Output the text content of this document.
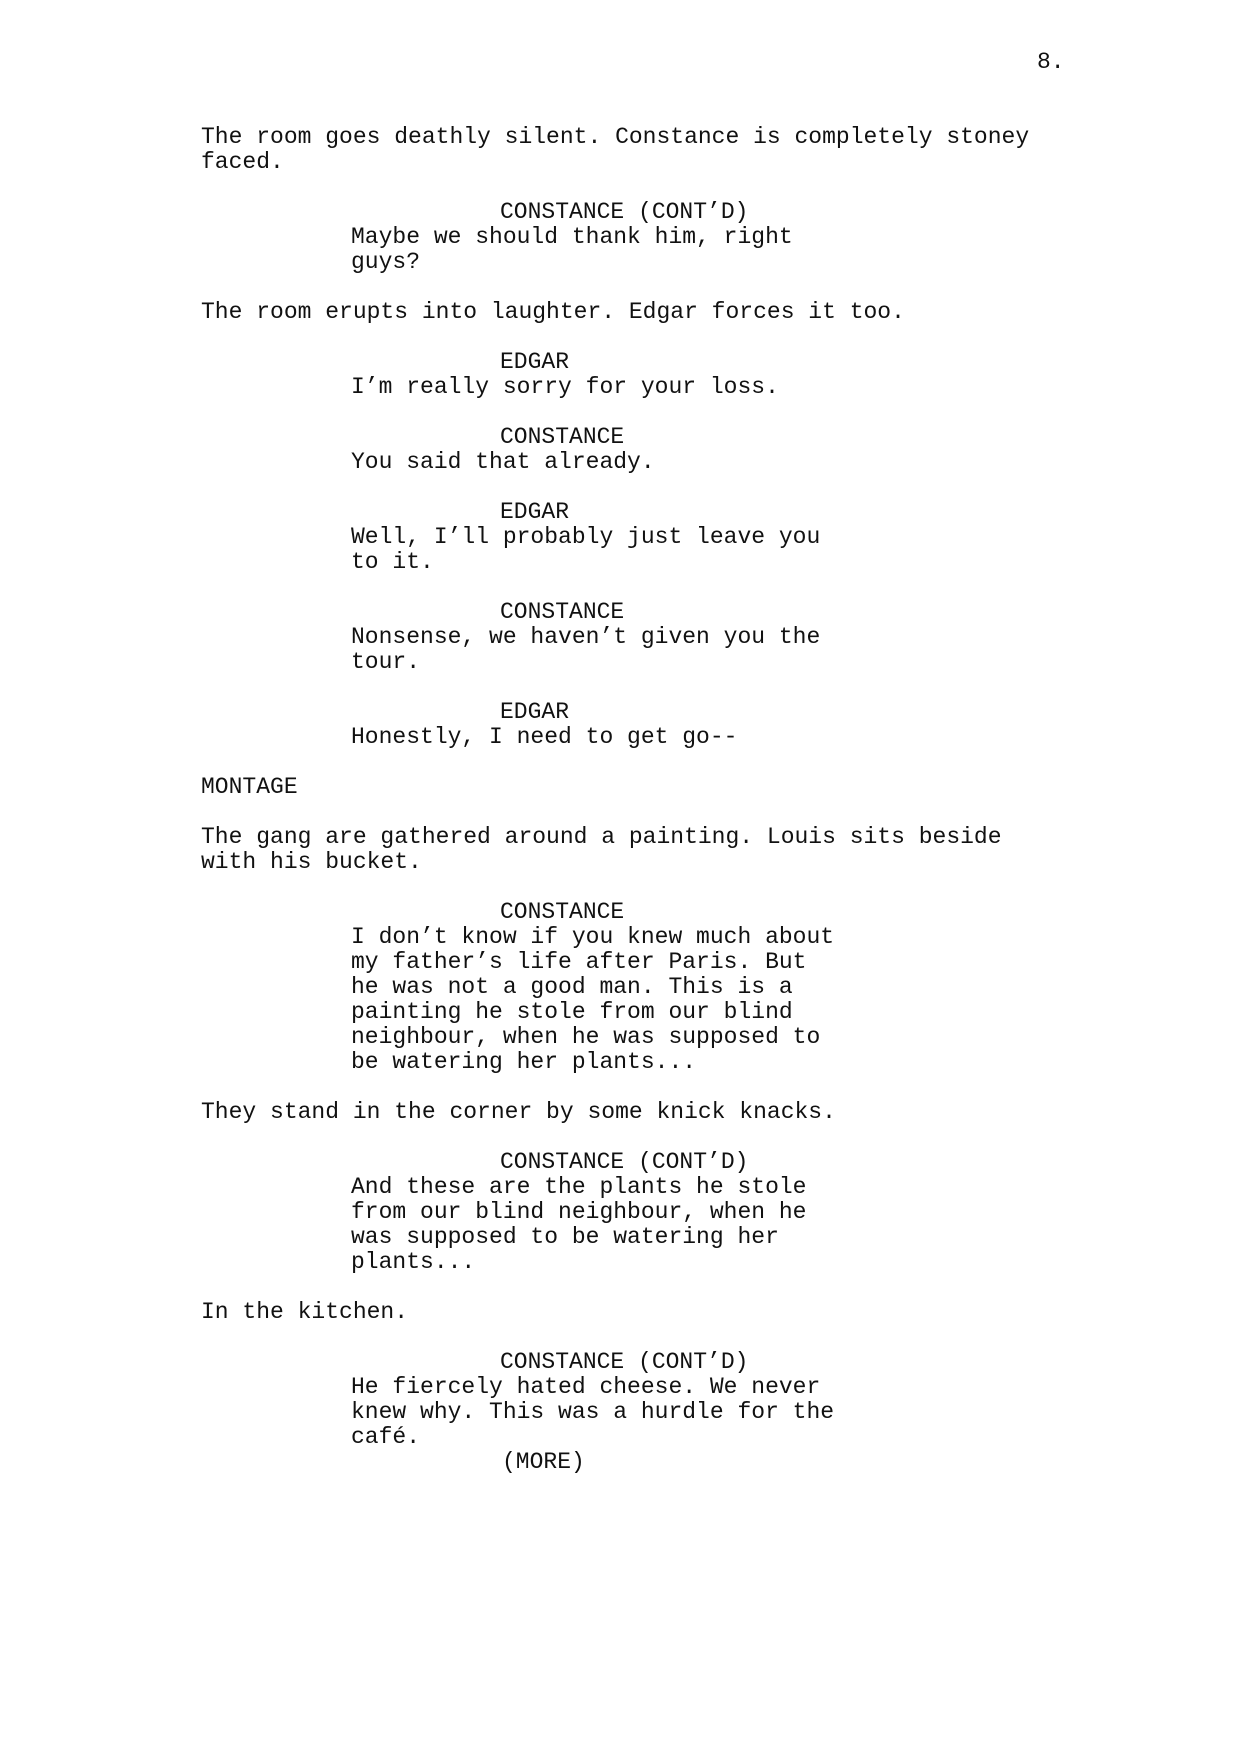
8.
The room goes deathly silent. Constance is completely stoney
faced.
CONSTANCE (CONT’D)
Maybe we should thank him, right
guys?
The room erupts into laughter. Edgar forces it too.
EDGAR
I’m really sorry for your loss.
CONSTANCE
You said that already.
EDGAR
Well, I’ll probably just leave you
to it.
CONSTANCE
Nonsense, we haven’t given you the
tour.
EDGAR
Honestly, I need to get go--
MONTAGE
The gang are gathered around a painting. Louis sits beside
with his bucket.
CONSTANCE
I don’t know if you knew much about
my father’s life after Paris. But
he was not a good man. This is a
painting he stole from our blind
neighbour, when he was supposed to
be watering her plants...
They stand in the corner by some knick knacks.
CONSTANCE (CONT’D)
And these are the plants he stole
from our blind neighbour, when he
was supposed to be watering her
plants...
In the kitchen.
CONSTANCE (CONT’D)
He fiercely hated cheese. We never
knew why. This was a hurdle for the
café.
(MORE)
